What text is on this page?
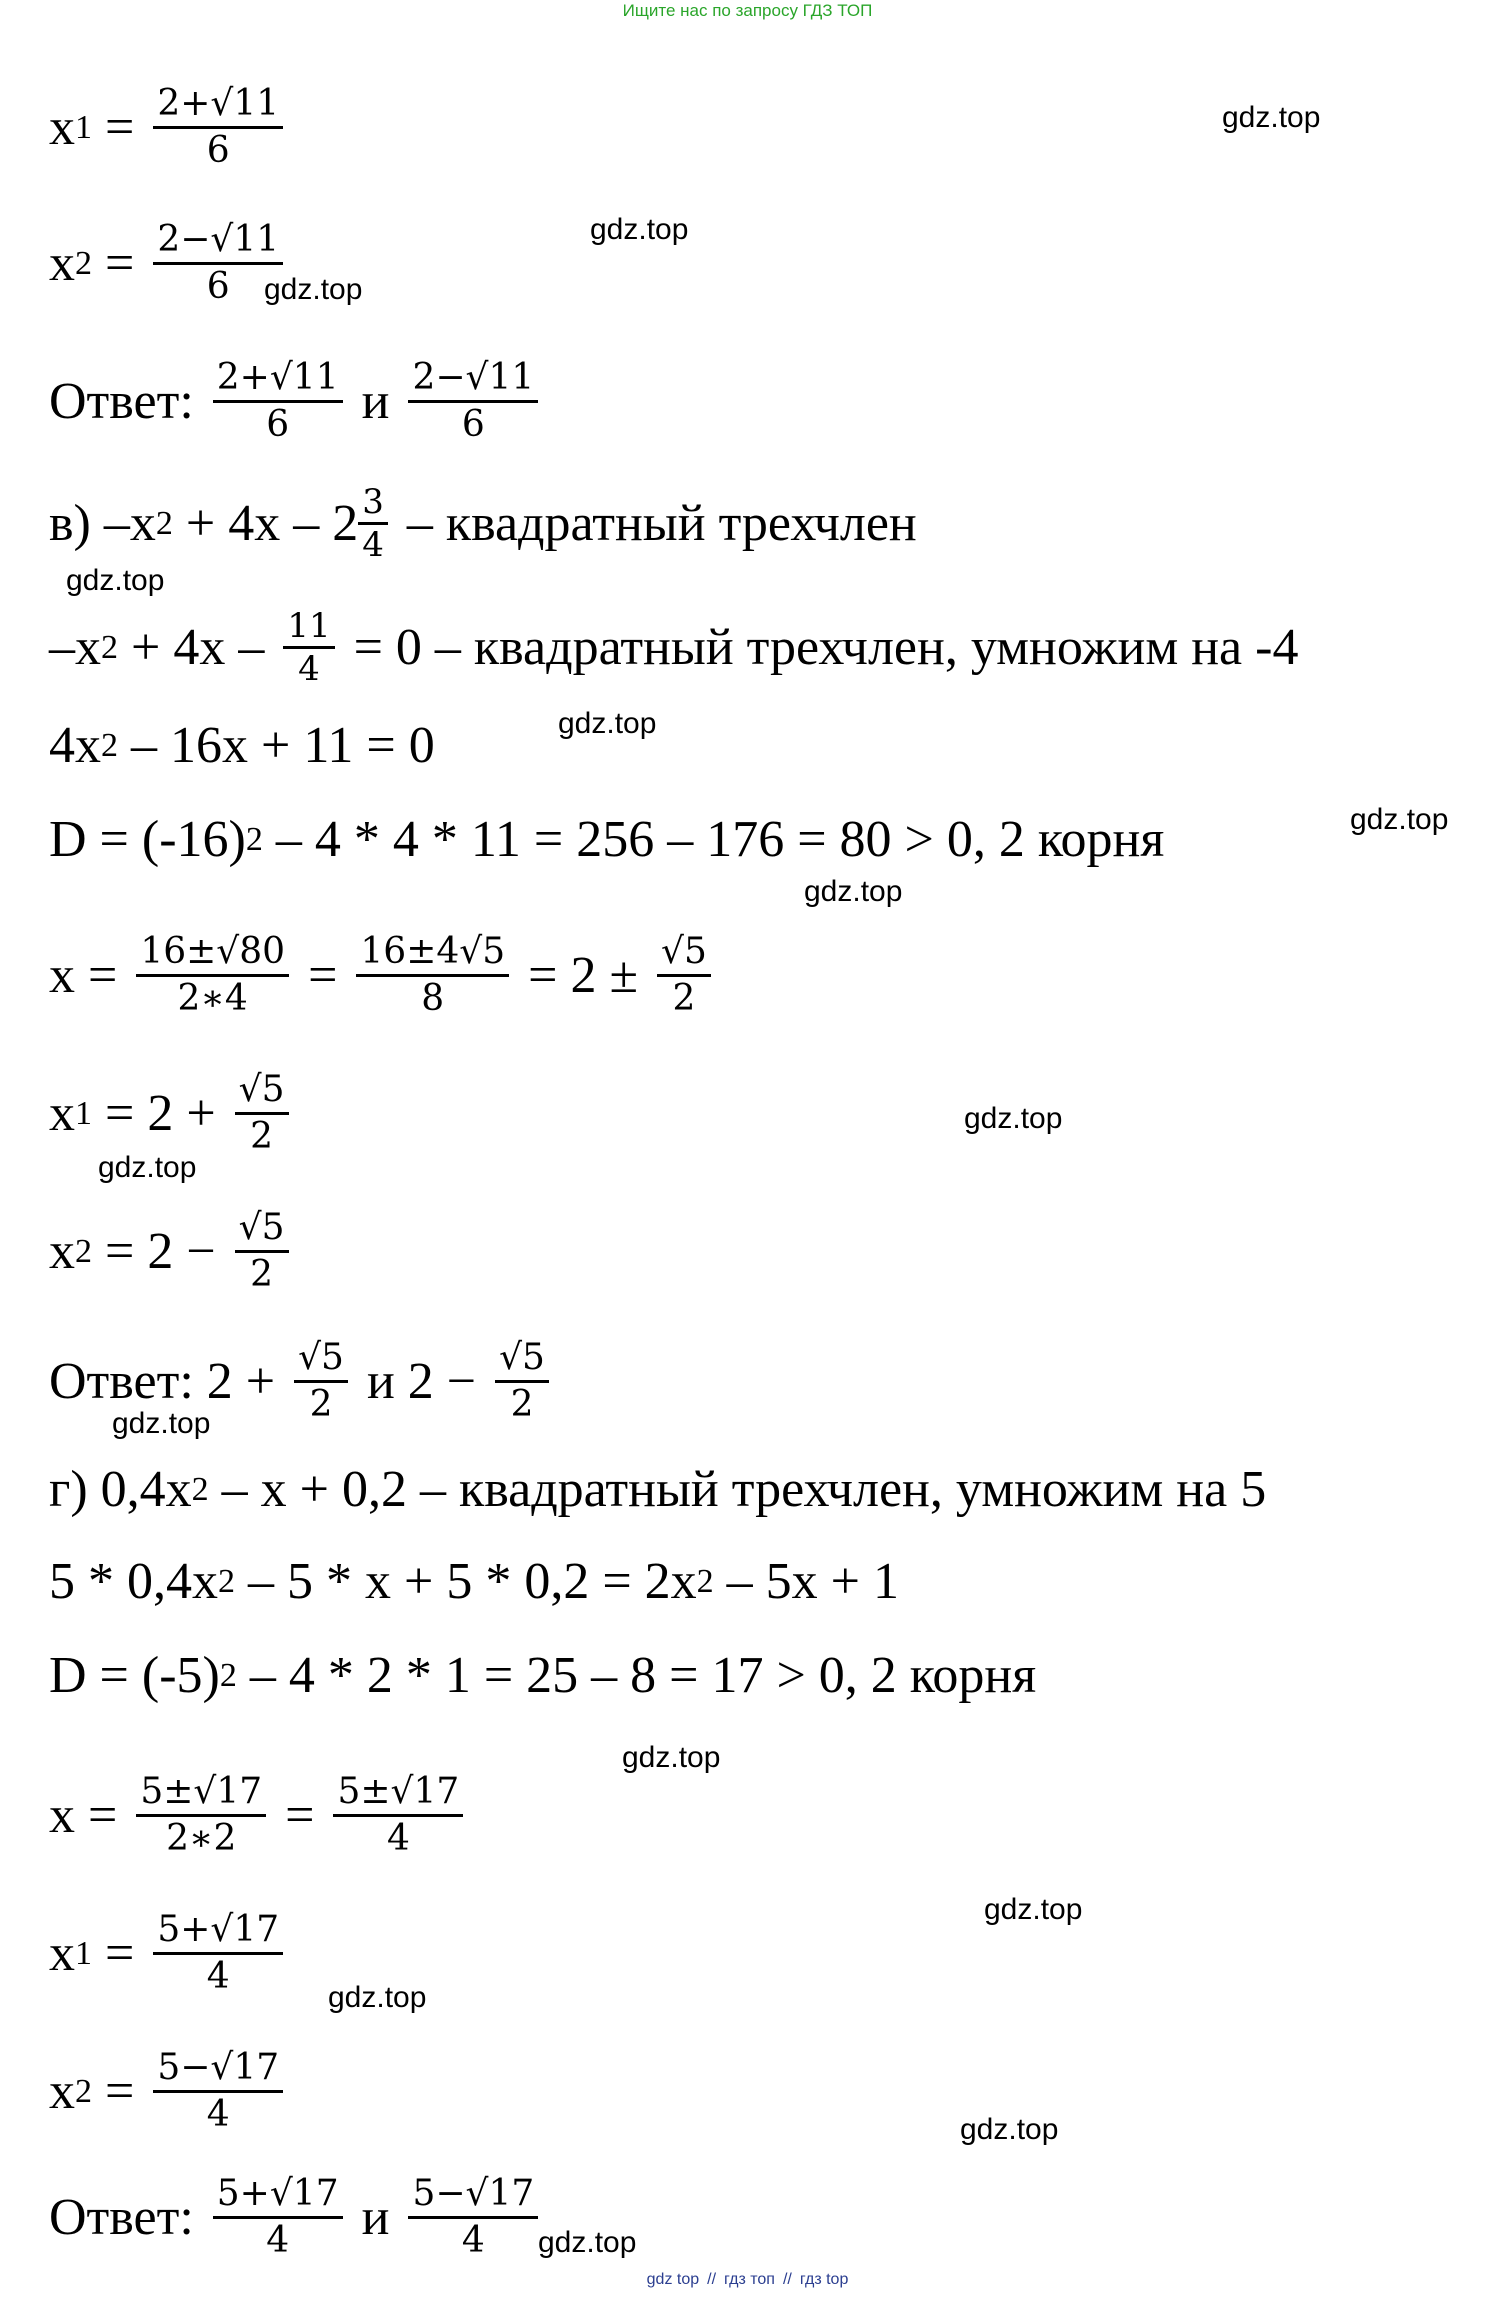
Ищите нас по запросу ГДЗ ТОП
gdz.top
gdz.top
gdz.top
gdz.top
gdz.top
gdz.top
gdz.top
gdz.top
gdz.top
gdz.top
gdz.top
gdz.top
gdz.top
gdz.top
gdz.top
x $1 = \frac{2+√11}{6}$
x $2 = \frac{2-√11}{6}$
Ответ: $\frac{2+√11}{6}$ и $\frac{2-√11}{6}$
в) –x $2 + 4x - 2 \frac{3}{4}$ – квадратный трехчлен
–x $2 + 4x - \frac{11}{4} = 0$ – квадратный трехчлен, умножим на -4
4x 2 – 16x + 11 = 0
D = (-16) 2 – 4 * 4 * 11 = 256 – 176 = 80 > 0, 2 корня
$x = \frac{16\pm√80}{2∗4} = \frac{16\pm 4√5}{8} = 2 \pm \frac{√5}{2}$
x $1 = 2 + \frac{√5}{2}$
x $2 = 2 - \frac{√5}{2}$
Ответ: $2 + \frac{√5}{2}$ и $2 - \frac{√5}{2}$
г) 0,4x 2 – x + 0,2 – квадратный трехчлен, умножим на 5
5 * 0,4x 2 – 5 * x + 5 * 0,2 = 2x 2 – 5x + 1
D = (-5) 2 – 4 * 2 * 1 = 25 – 8 = 17 > 0, 2 корня
$x = \frac{5\pm√17}{2∗2} = \frac{5\pm√17}{4}$
x $1 = \frac{5+√17}{4}$
x $2 = \frac{5-√17}{4}$
Ответ: $\frac{5+√17}{4}$ и $\frac{5-√17}{4}$
gdz top // гдз топ // гдз top
